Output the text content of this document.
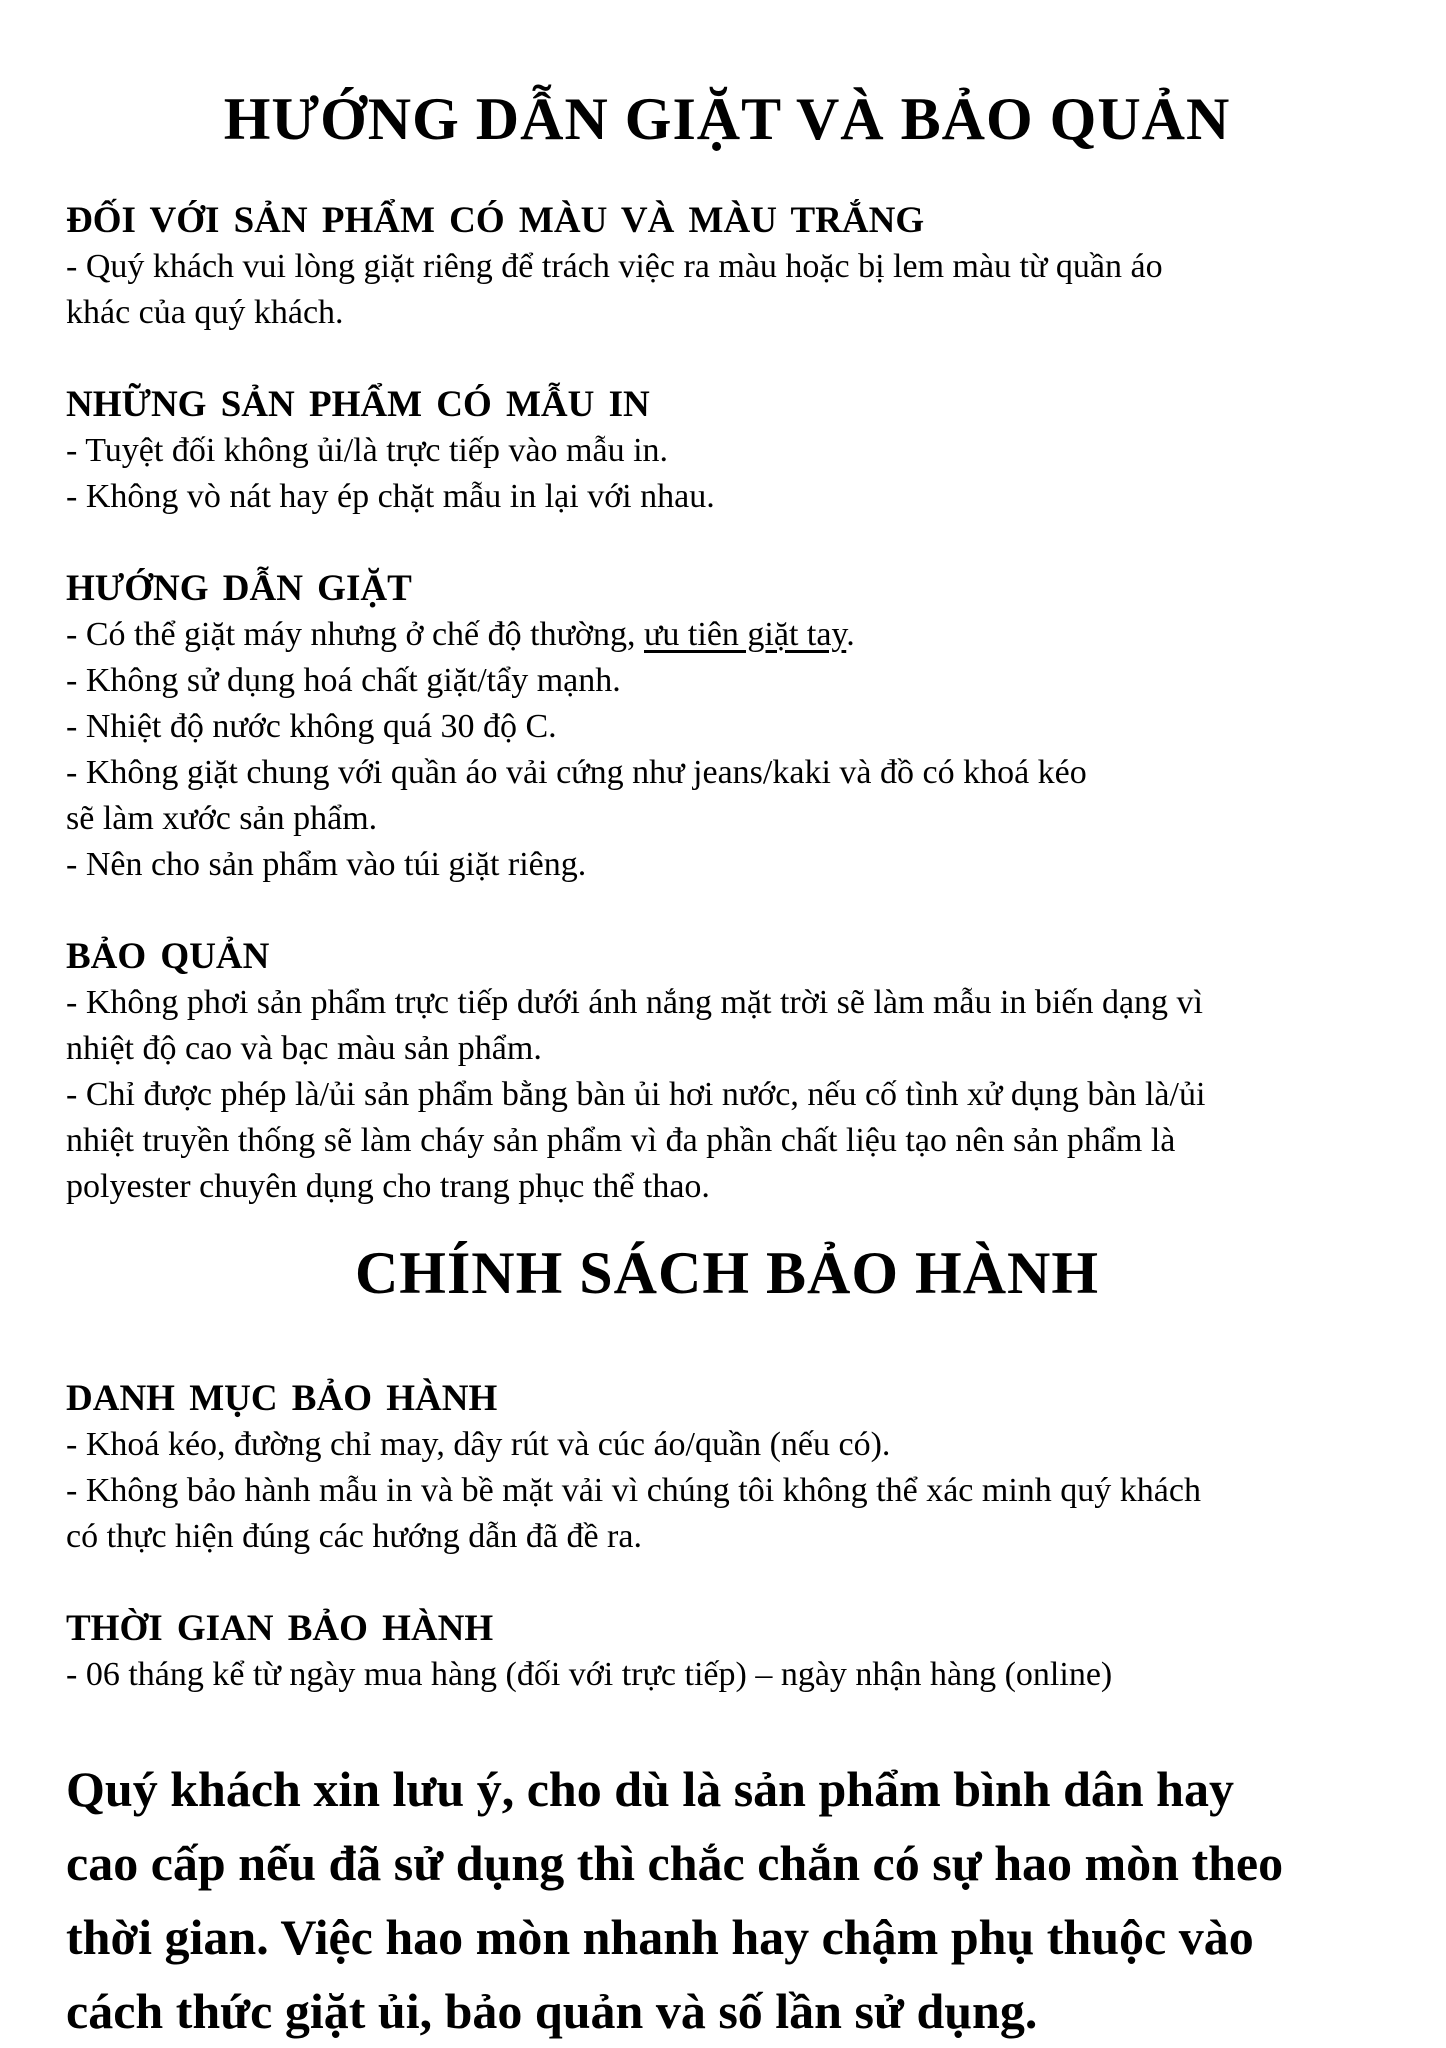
HƯỚNG DẪN GIẶT VÀ BẢO QUẢN
ĐỐI VỚI SẢN PHẨM CÓ MÀU VÀ MÀU TRẮNG
- Quý khách vui lòng giặt riêng để trách việc ra màu hoặc bị lem màu từ quần áo
khác của quý khách.
NHỮNG SẢN PHẨM CÓ MẪU IN
- Tuyệt đối không ủi/là trực tiếp vào mẫu in.
- Không vò nát hay ép chặt mẫu in lại với nhau.
HƯỚNG DẪN GIẶT
- Có thể giặt máy nhưng ở chế độ thường, ưu tiên giặt tay.
- Không sử dụng hoá chất giặt/tẩy mạnh.
- Nhiệt độ nước không quá 30 độ C.
- Không giặt chung với quần áo vải cứng như jeans/kaki và đồ có khoá kéo
sẽ làm xước sản phẩm.
- Nên cho sản phẩm vào túi giặt riêng.
BẢO QUẢN
- Không phơi sản phẩm trực tiếp dưới ánh nắng mặt trời sẽ làm mẫu in biến dạng vì
nhiệt độ cao và bạc màu sản phẩm.
- Chỉ được phép là/ủi sản phẩm bằng bàn ủi hơi nước, nếu cố tình xử dụng bàn là/ủi
nhiệt truyền thống sẽ làm cháy sản phẩm vì đa phần chất liệu tạo nên sản phẩm là
polyester chuyên dụng cho trang phục thể thao.
CHÍNH SÁCH BẢO HÀNH
DANH MỤC BẢO HÀNH
- Khoá kéo, đường chỉ may, dây rút và cúc áo/quần (nếu có).
- Không bảo hành mẫu in và bề mặt vải vì chúng tôi không thể xác minh quý khách
có thực hiện đúng các hướng dẫn đã đề ra.
THỜI GIAN BẢO HÀNH
- 06 tháng kể từ ngày mua hàng (đối với trực tiếp) – ngày nhận hàng (online)
Quý khách xin lưu ý, cho dù là sản phẩm bình dân hay
cao cấp nếu đã sử dụng thì chắc chắn có sự hao mòn theo
thời gian. Việc hao mòn nhanh hay chậm phụ thuộc vào
cách thức giặt ủi, bảo quản và số lần sử dụng.
